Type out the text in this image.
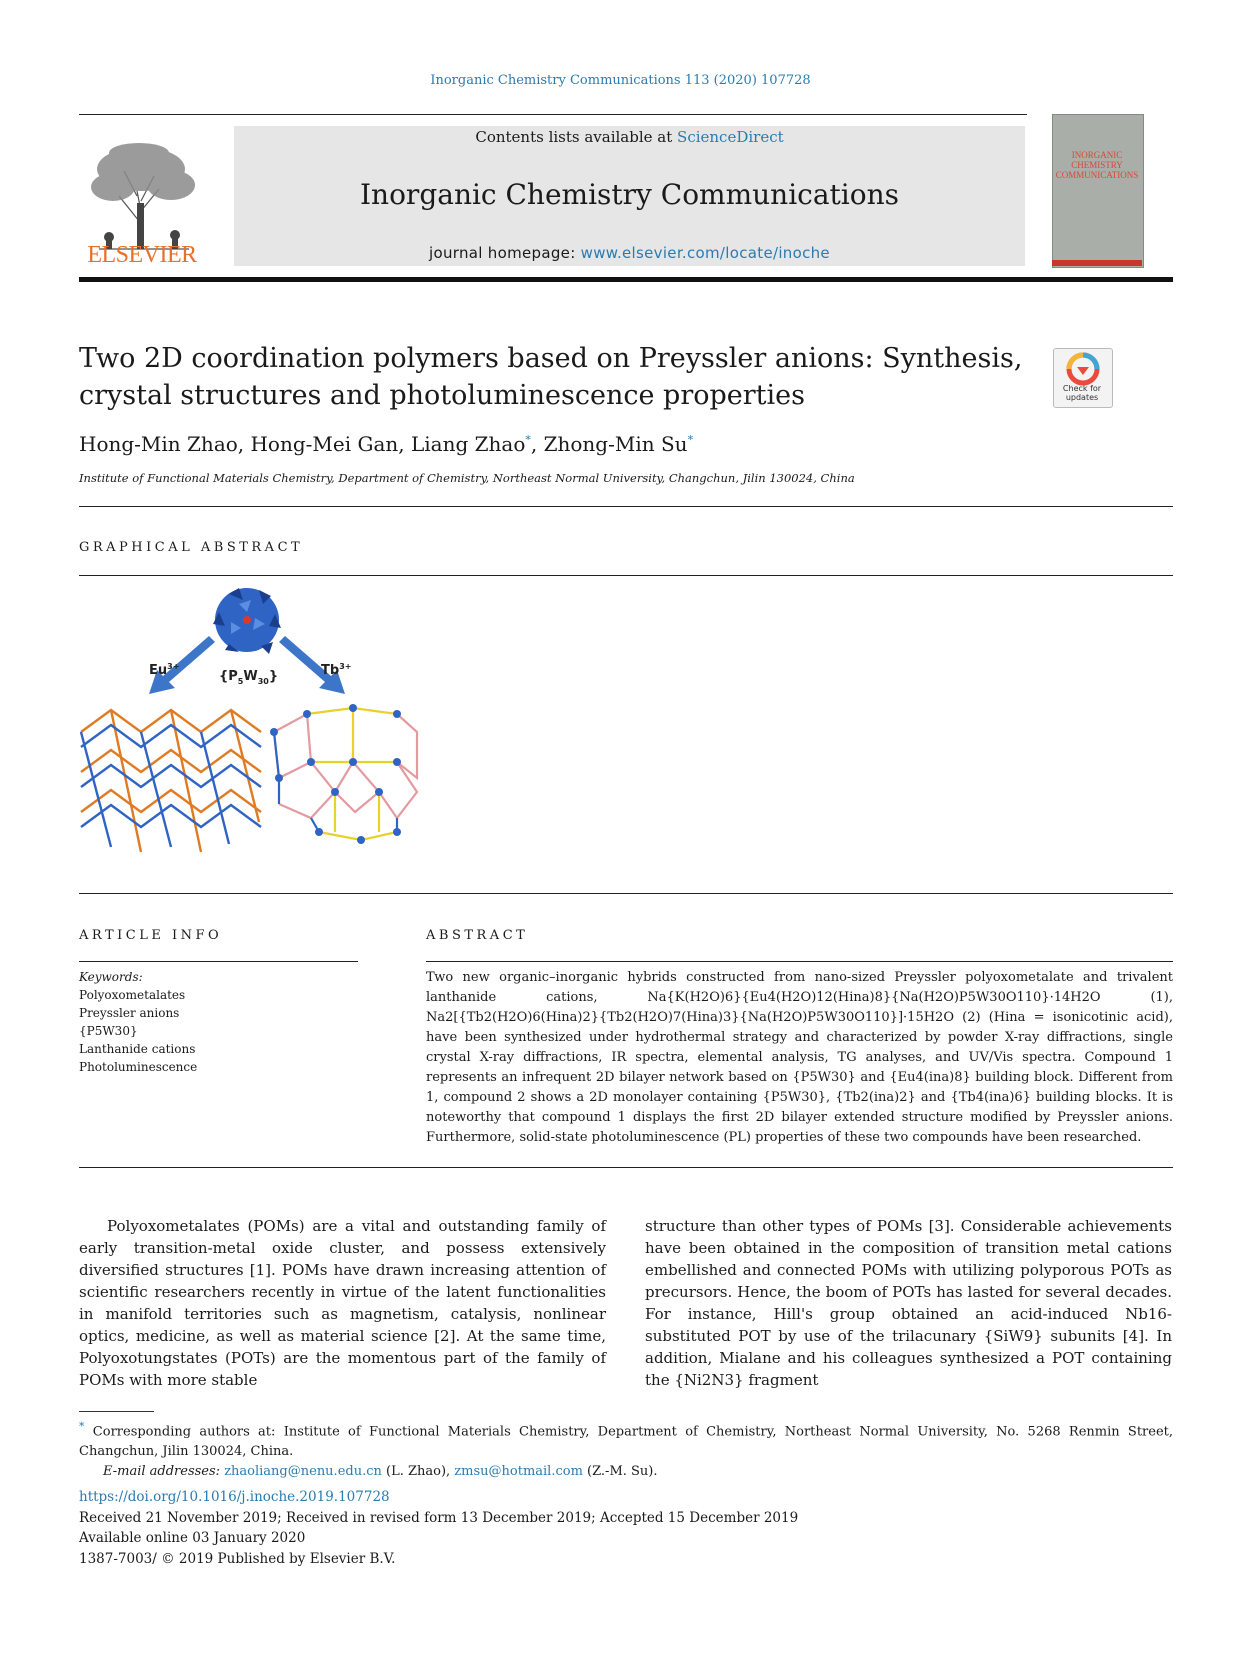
Inorganic Chemistry Communications 113 (2020) 107728
ELSEVIER
Contents lists available at ScienceDirect
Inorganic Chemistry Communications
journal homepage: www.elsevier.com/locate/inoche
INORGANIC CHEMISTRY COMMUNICATIONS
Two 2D coordination polymers based on Preyssler anions: Synthesis, crystal structures and photoluminescence properties	Check for updates
Hong-Min Zhao, Hong-Mei Gan, Liang Zhao*, Zhong-Min Su*
Institute of Functional Materials Chemistry, Department of Chemistry, Northeast Normal University, Changchun, Jilin 130024, China
GRAPHICAL ABSTRACT
$Eu^{3+}$
$\{P_5W_{30}\}$	$Tb^{3+}$
ARTICLE INFO	ABSTRACT
Keywords:
Polyoxometalates
Preyssler anions
{P5W30}
Lanthanide cations
Photoluminescence
Two new organic–inorganic hybrids constructed from nano-sized Preyssler polyoxometalate and trivalent lanthanide cations, Na{K(H2O)6}{Eu4(H2O)12(Hina)8}{Na(H2O)P5W30O110}·14H2O (1), Na2[{Tb2(H2O)6(Hina)2}{Tb2(H2O)7(Hina)3}{Na(H2O)P5W30O110}]·15H2O (2) (Hina = isonicotinic acid), have been synthesized under hydrothermal strategy and characterized by powder X-ray diffractions, single crystal X-ray diffractions, IR spectra, elemental analysis, TG analyses, and UV/Vis spectra. Compound 1 represents an infrequent 2D bilayer network based on {P5W30} and {Eu4(ina)8} building block. Different from 1, compound 2 shows a 2D monolayer containing {P5W30}, {Tb2(ina)2} and {Tb4(ina)6} building blocks. It is noteworthy that compound 1 displays the first 2D bilayer extended structure modified by Preyssler anions. Furthermore, solid-state photoluminescence (PL) properties of these two compounds have been researched.
Polyoxometalates (POMs) are a vital and outstanding family of early transition-metal oxide cluster, and possess extensively diversified structures [1]. POMs have drawn increasing attention of scientific researchers recently in virtue of the latent functionalities in manifold territories such as magnetism, catalysis, nonlinear optics, medicine, as well as material science [2]. At the same time, Polyoxotungstates (POTs) are the momentous part of the family of POMs with more stable
structure than other types of POMs [3]. Considerable achievements have been obtained in the composition of transition metal cations embellished and connected POMs with utilizing polyporous POTs as precursors. Hence, the boom of POTs has lasted for several decades. For instance, Hill's group obtained an acid-induced Nb16-substituted POT by use of the trilacunary {SiW9} subunits [4]. In addition, Mialane and his colleagues synthesized a POT containing the {Ni2N3} fragment
* Corresponding authors at: Institute of Functional Materials Chemistry, Department of Chemistry, Northeast Normal University, No. 5268 Renmin Street, Changchun, Jilin 130024, China.
E-mail addresses: zhaoliang@nenu.edu.cn (L. Zhao), zmsu@hotmail.com (Z.-M. Su).
https://doi.org/10.1016/j.inoche.2019.107728
Received 21 November 2019; Received in revised form 13 December 2019; Accepted 15 December 2019
Available online 03 January 2020
1387-7003/ © 2019 Published by Elsevier B.V.
